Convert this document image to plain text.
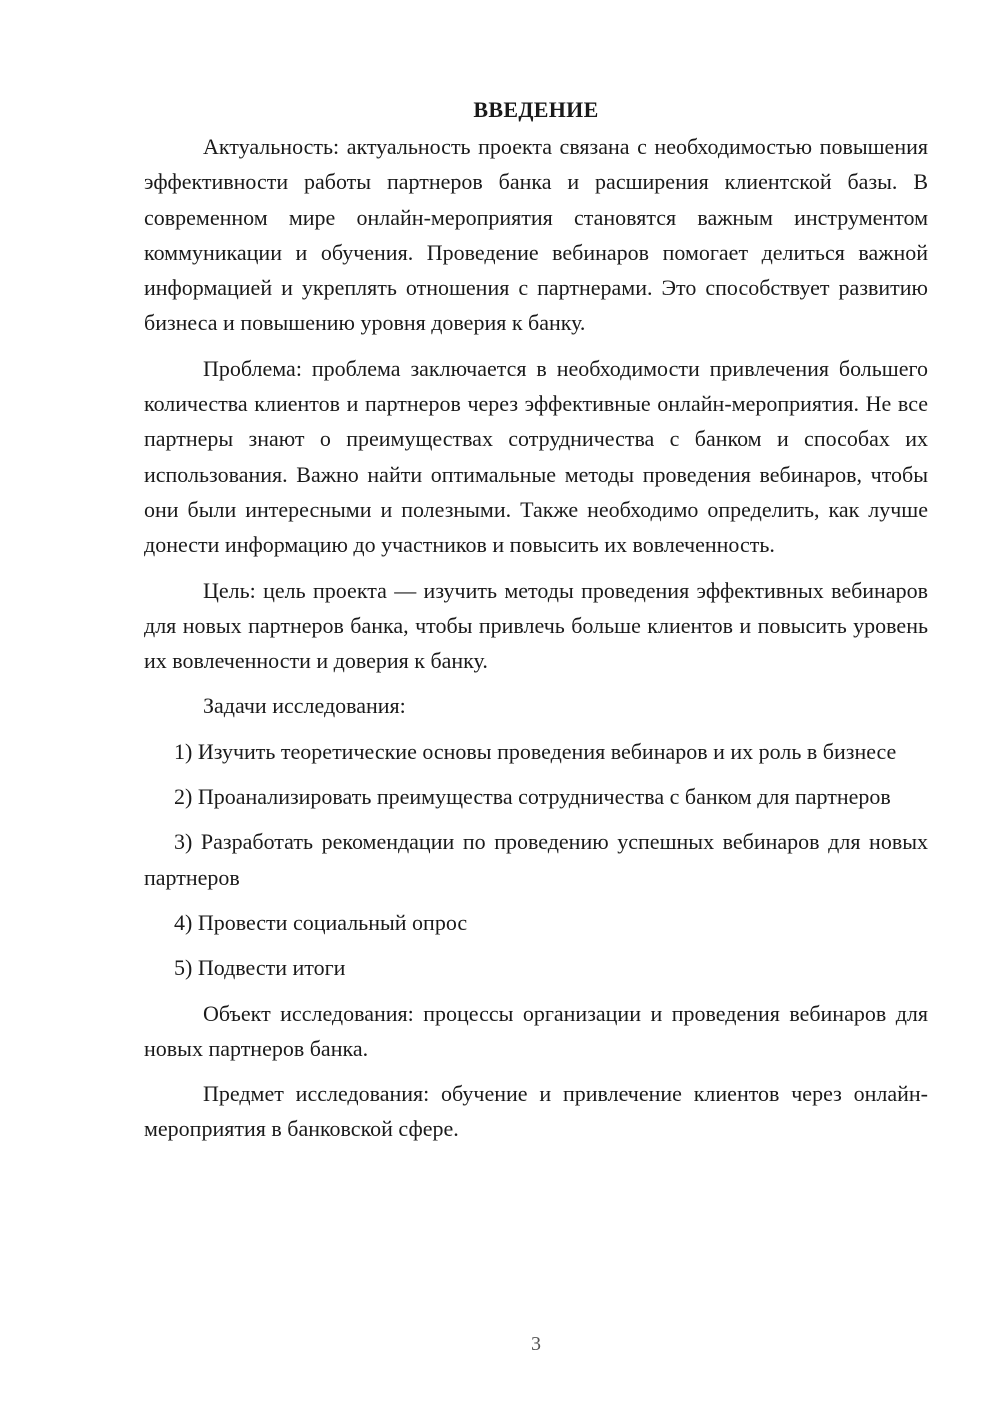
ВВЕДЕНИЕ

Актуальность: актуальность проекта связана с необходимостью повышения эффективности работы партнеров банка и расширения клиентской базы. В современном мире онлайн-мероприятия становятся важным инструментом коммуникации и обучения. Проведение вебинаров помогает делиться важной информацией и укреплять отношения с партнерами. Это способствует развитию бизнеса и повышению уровня доверия к банку.

Проблема: проблема заключается в необходимости привлечения большего количества клиентов и партнеров через эффективные онлайн-мероприятия. Не все партнеры знают о преимуществах сотрудничества с банком и способах их использования. Важно найти оптимальные методы проведения вебинаров, чтобы они были интересными и полезными. Также необходимо определить, как лучше донести информацию до участников и повысить их вовлеченность.

Цель: цель проекта — изучить методы проведения эффективных вебинаров для новых партнеров банка, чтобы привлечь больше клиентов и повысить уровень их вовлеченности и доверия к банку.

Задачи исследования:

1) Изучить теоретические основы проведения вебинаров и их роль в бизнесе

2) Проанализировать преимущества сотрудничества с банком для партнеров

3) Разработать рекомендации по проведению успешных вебинаров для новых партнеров

4) Провести социальный опрос

5) Подвести итоги

Объект исследования: процессы организации и проведения вебинаров для новых партнеров банка.

Предмет исследования: обучение и привлечение клиентов через онлайн-мероприятия в банковской сфере.

3
